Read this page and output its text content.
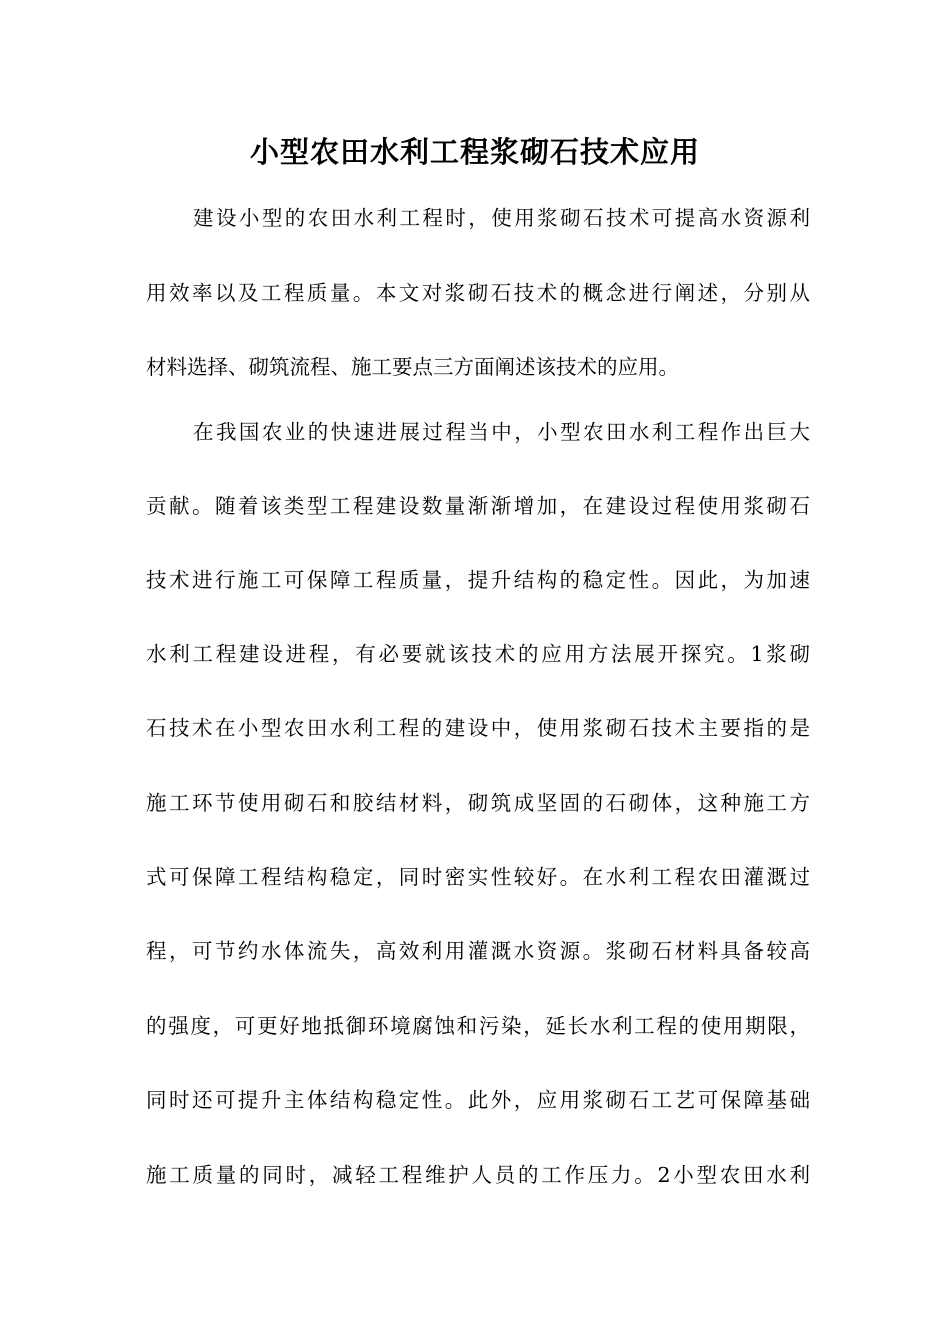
小型农田水利工程浆砌石技术应用

建设小型的农田水利工程时，使用浆砌石技术可提高水资源利

用效率以及工程质量。本文对浆砌石技术的概念进行阐述，分别从

材料选择、砌筑流程、施工要点三方面阐述该技术的应用。

在我国农业的快速进展过程当中，小型农田水利工程作出巨大

贡献。随着该类型工程建设数量渐渐增加，在建设过程使用浆砌石

技术进行施工可保障工程质量，提升结构的稳定性。因此，为加速

水利工程建设进程，有必要就该技术的应用方法展开探究。1浆砌

石技术在小型农田水利工程的建设中，使用浆砌石技术主要指的是

施工环节使用砌石和胶结材料，砌筑成坚固的石砌体，这种施工方

式可保障工程结构稳定，同时密实性较好。在水利工程农田灌溉过

程，可节约水体流失，高效利用灌溉水资源。浆砌石材料具备较高

的强度，可更好地抵御环境腐蚀和污染，延长水利工程的使用期限，

同时还可提升主体结构稳定性。此外，应用浆砌石工艺可保障基础

施工质量的同时，减轻工程维护人员的工作压力。2小型农田水利
